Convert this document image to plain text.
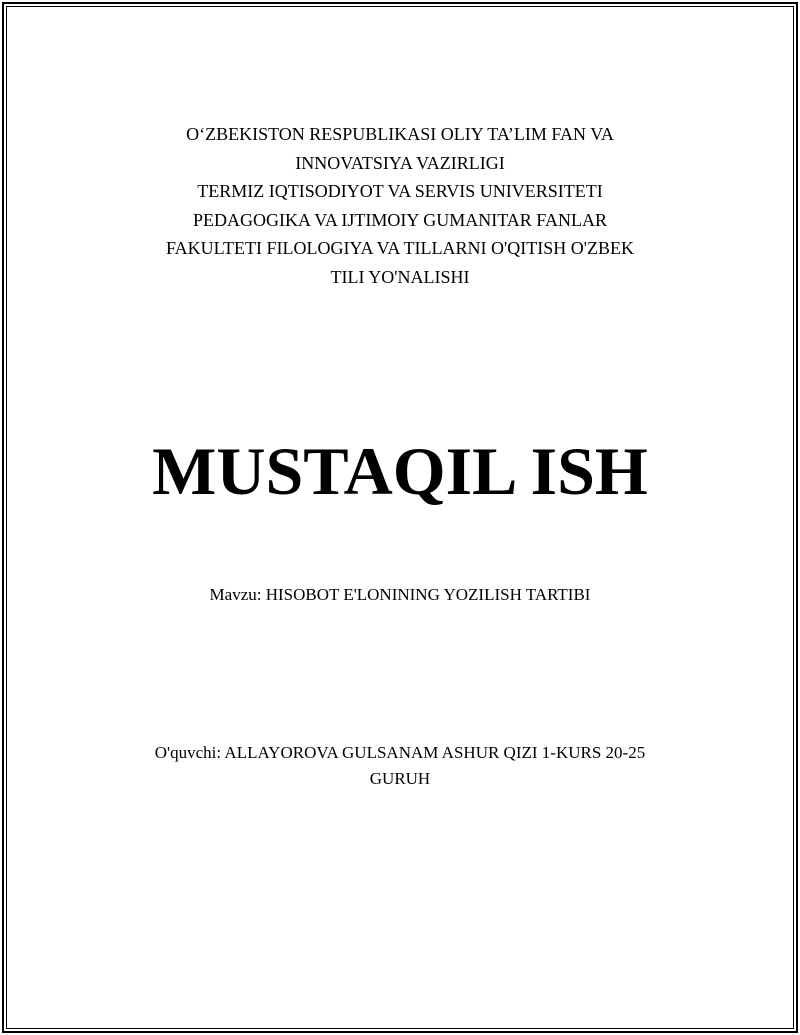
O‘ZBEKISTON RESPUBLIKASI OLIY TA’LIM FAN VA
INNOVATSIYA VAZIRLIGI
TERMIZ IQTISODIYOT VA SERVIS UNIVERSITETI
PEDAGOGIKA VA IJTIMOIY GUMANITAR FANLAR
FAKULTETI FILOLOGIYA VA TILLARNI O'QITISH O'ZBEK
TILI YO'NALISHI
MUSTAQIL ISH
Mavzu: HISOBOT E'LONINING YOZILISH TARTIBI
O'quvchi: ALLAYOROVA GULSANAM ASHUR QIZI 1-KURS 20-25
GURUH
